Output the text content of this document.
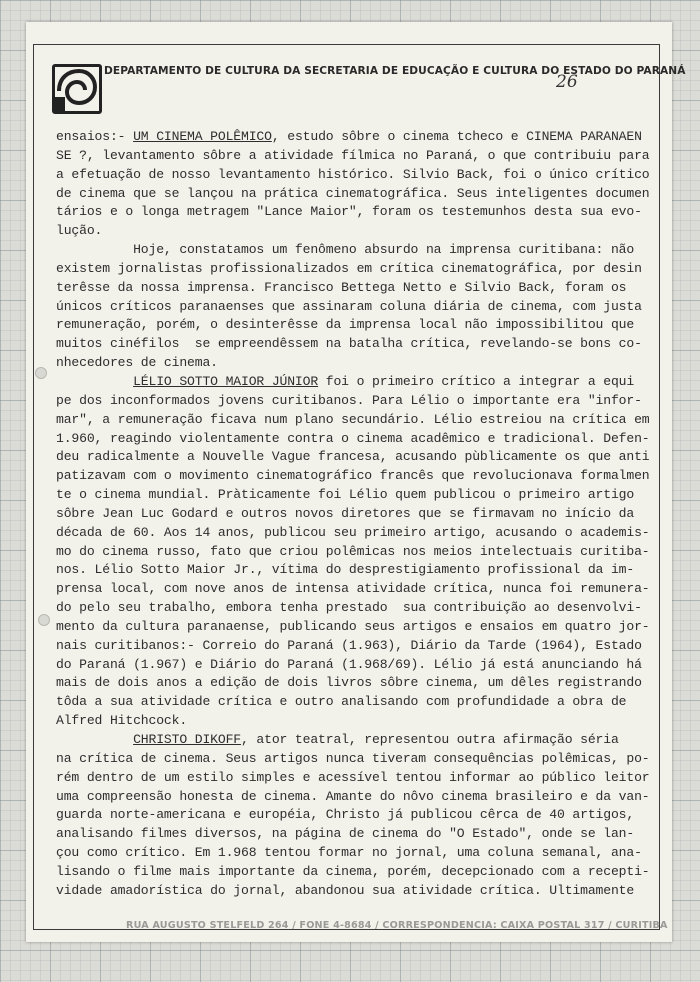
DEPARTAMENTO DE CULTURA DA SECRETARIA DE EDUCAÇÃO E CULTURA DO ESTADO DO PARANÁ
26
ensaios:- UM CINEMA POLÊMICO, estudo sôbre o cinema tcheco e CINEMA PARANAEN
SE ?, levantamento sôbre a atividade fílmica no Paraná, o que contribuiu para
a efetuação de nosso levantamento histórico. Silvio Back, foi o único crítico
de cinema que se lançou na prática cinematográfica. Seus inteligentes documen
tários e o longa metragem "Lance Maior", foram os testemunhos desta sua evo-
lução.
Hoje, constatamos um fenômeno absurdo na imprensa curitibana: não
existem jornalistas profissionalizados em crítica cinematográfica, por desin
terêsse da nossa imprensa. Francisco Bettega Netto e Silvio Back, foram os
únicos críticos paranaenses que assinaram coluna diária de cinema, com justa
remuneração, porém, o desinterêsse da imprensa local não impossibilitou que
muitos cinéfilos  se empreendêssem na batalha crítica, revelando-se bons co-
nhecedores de cinema.
LÉLIO SOTTO MAIOR JÚNIOR foi o primeiro crítico a integrar a equi
pe dos inconformados jovens curitibanos. Para Lélio o importante era "infor-
mar", a remuneração ficava num plano secundário. Lélio estreiou na crítica em
1.960, reagindo violentamente contra o cinema acadêmico e tradicional. Defen-
deu radicalmente a Nouvelle Vague francesa, acusando pùblicamente os que anti
patizavam com o movimento cinematográfico francês que revolucionava formalmen
te o cinema mundial. Pràticamente foi Lélio quem publicou o primeiro artigo
sôbre Jean Luc Godard e outros novos diretores que se firmavam no início da
década de 60. Aos 14 anos, publicou seu primeiro artigo, acusando o academis-
mo do cinema russo, fato que criou polêmicas nos meios intelectuais curitiba-
nos. Lélio Sotto Maior Jr., vítima do desprestigiamento profissional da im-
prensa local, com nove anos de intensa atividade crítica, nunca foi remunera-
do pelo seu trabalho, embora tenha prestado  sua contribuição ao desenvolvi-
mento da cultura paranaense, publicando seus artigos e ensaios em quatro jor-
nais curitibanos:- Correio do Paraná (1.963), Diário da Tarde (1964), Estado
do Paraná (1.967) e Diário do Paraná (1.968/69). Lélio já está anunciando há
mais de dois anos a edição de dois livros sôbre cinema, um dêles registrando
tôda a sua atividade crítica e outro analisando com profundidade a obra de
Alfred Hitchcock.
CHRISTO DIKOFF, ator teatral, representou outra afirmação séria
na crítica de cinema. Seus artigos nunca tiveram consequências polêmicas, po-
rém dentro de um estilo simples e acessível tentou informar ao público leitor
uma compreensão honesta de cinema. Amante do nôvo cinema brasileiro e da van-
guarda norte-americana e européia, Christo já publicou cêrca de 40 artigos,
analisando filmes diversos, na página de cinema do "O Estado", onde se lan-
çou como crítico. Em 1.968 tentou formar no jornal, uma coluna semanal, ana-
lisando o filme mais importante da cinema, porém, decepcionado com a recepti-
vidade amadorística do jornal, abandonou sua atividade crítica. Ultimamente
RUA AUGUSTO STELFELD 264 / FONE 4-8684 / CORRESPONDENCIA: CAIXA POSTAL 317 / CURITIBA
